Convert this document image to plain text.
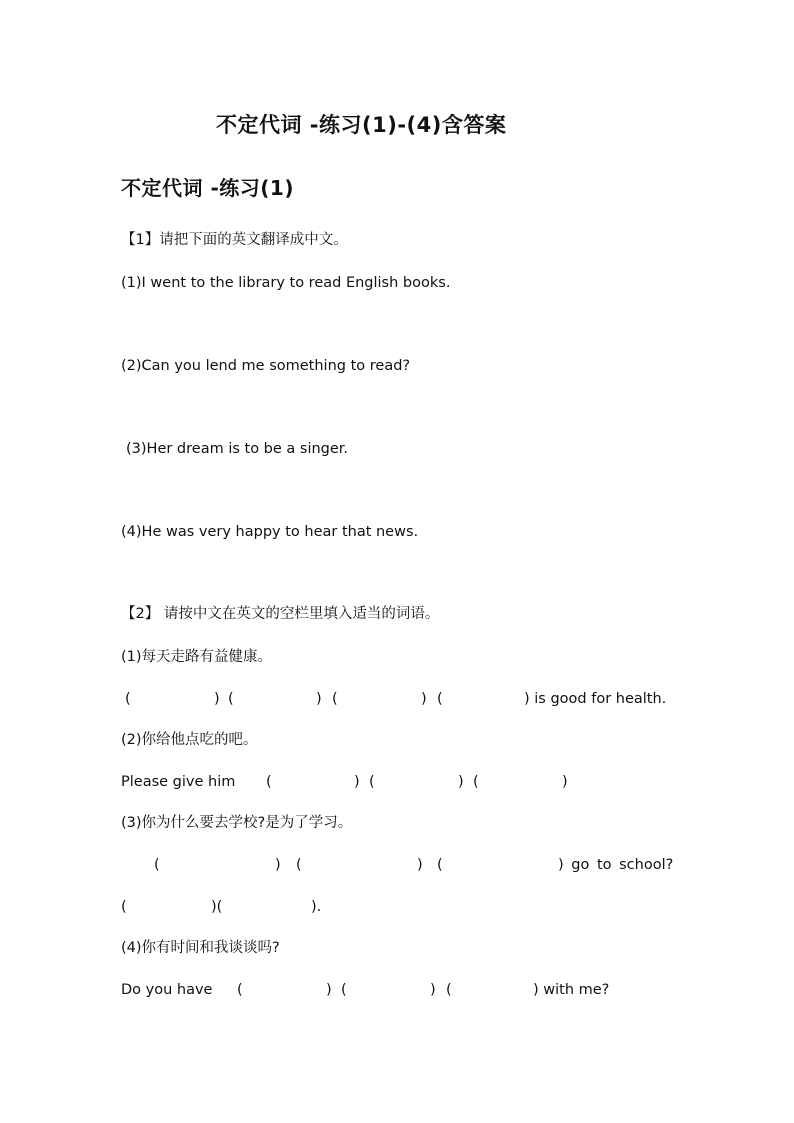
不定代词 -练习(1)-(4)含答案
不定代词 -练习(1)
【1】请把下面的英文翻译成中文。
(1)I went to the library to read English books.
(2)Can you lend me something to read?
(3)Her dream is to be a singer.
(4)He was very happy to hear that news.
【2】 请按中文在英文的空栏里填入适当的词语。
(1)每天走路有益健康。
(	) (	) (	) (	) is good for health.
(2)你给他点吃的吧。
Please give him (	) (	) (	)
(3)你为什么要去学校?是为了学习。
(	) (	) (	) go to school?
(	)(	).
(4)你有时间和我谈谈吗?
Do you have (	) (	) (	) with me?
